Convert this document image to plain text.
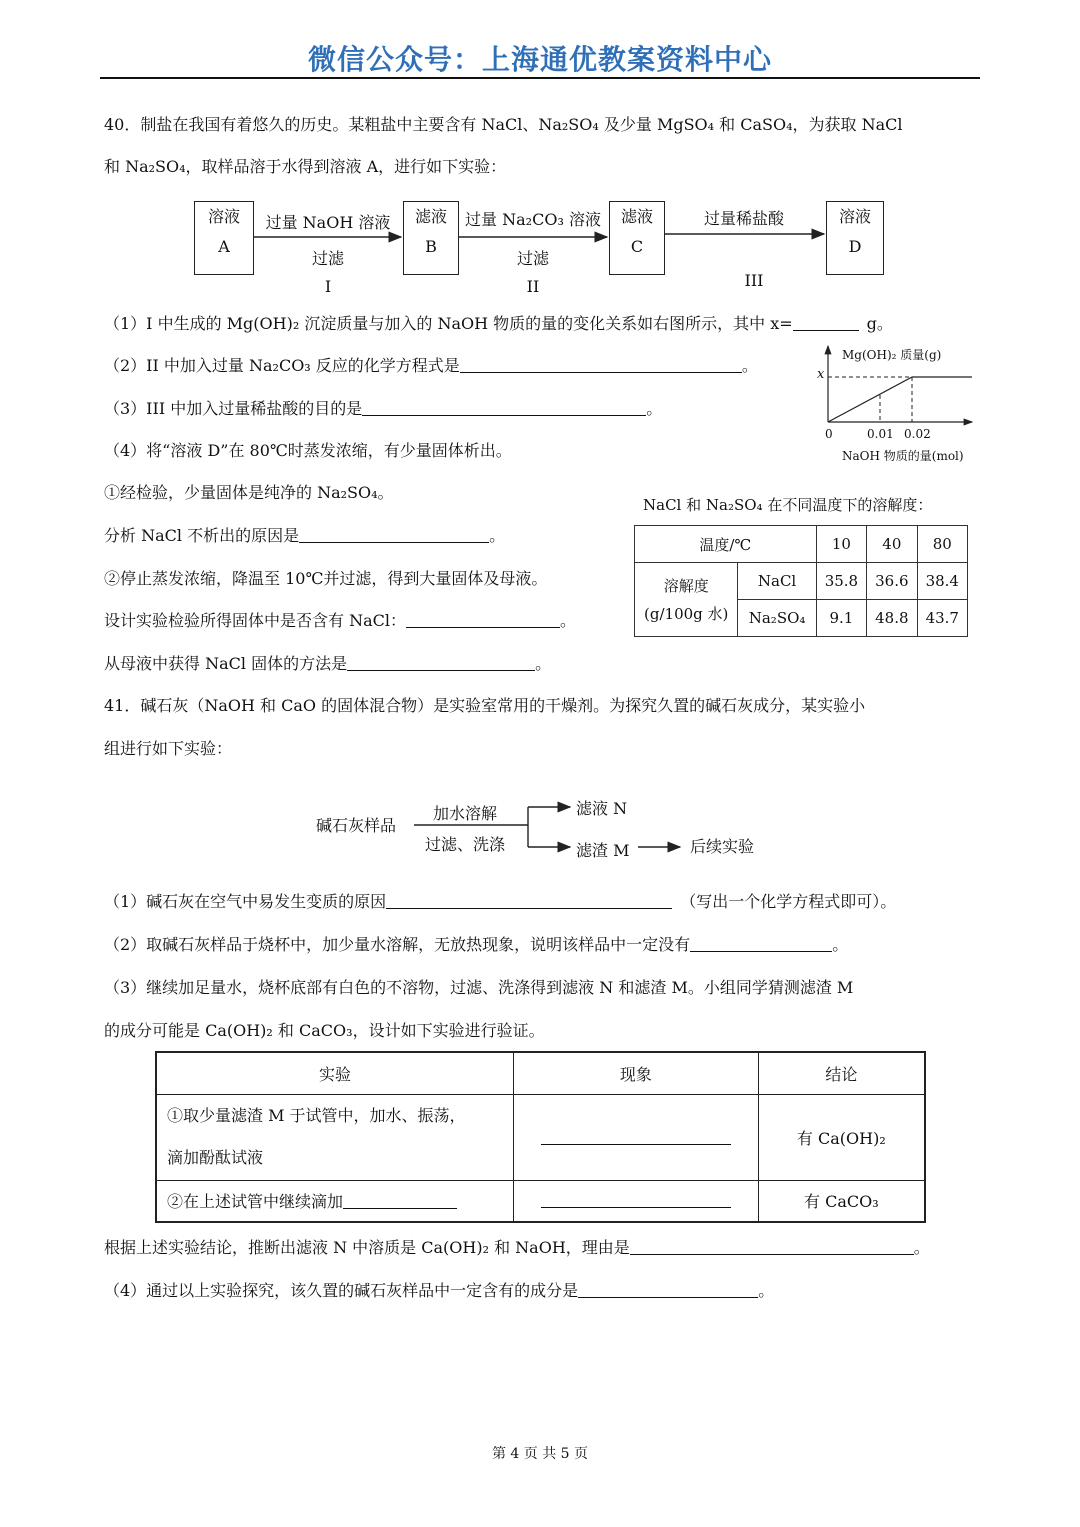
微信公众号：上海通优教案资料中心
40．制盐在我国有着悠久的历史。某粗盐中主要含有 NaCl、Na₂SO₄ 及少量 MgSO₄ 和 CaSO₄，为获取 NaCl
和 Na₂SO₄，取样品溶于水得到溶液 A，进行如下实验：
溶液
A
滤液
B
滤液
C
溶液
D
过量 NaOH 溶液
过滤
I
过量 Na₂CO₃ 溶液
过滤
II
过量稀盐酸
III
（1）I 中生成的 Mg(OH)₂ 沉淀质量与加入的 NaOH 物质的量的变化关系如右图所示，其中 x=	g。
（2）II 中加入过量 Na₂CO₃ 反应的化学方程式是	。
（3）III 中加入过量稀盐酸的目的是	。
（4）将“溶液 D”在 80℃时蒸发浓缩，有少量固体析出。
①经检验，少量固体是纯净的 Na₂SO₄。
分析 NaCl 不析出的原因是	。
②停止蒸发浓缩，降温至 10℃并过滤，得到大量固体及母液。
设计实验检验所得固体中是否含有 NaCl：	。
从母液中获得 NaCl 固体的方法是	。
Mg(OH)₂ 质量(g)
x
0	0.01 0.02
NaOH 物质的量(mol)
NaCl 和 Na₂SO₄ 在不同温度下的溶解度：
温度/℃		10	40	80

溶解度
(g/100g 水)	NaCl	35.8	36.6	38.4
	Na₂SO₄	9.1	48.8	43.7
41．碱石灰（NaOH 和 CaO 的固体混合物）是实验室常用的干燥剂。为探究久置的碱石灰成分，某实验小
组进行如下实验：
碱石灰样品
加水溶解
过滤、洗涤
滤液 N
滤渣 M	后续实验
（1）碱石灰在空气中易发生变质的原因	（写出一个化学方程式即可）。
（2）取碱石灰样品于烧杯中，加少量水溶解，无放热现象，说明该样品中一定没有	。
（3）继续加足量水，烧杯底部有白色的不溶物，过滤、洗涤得到滤液 N 和滤渣 M。小组同学猜测滤渣 M
的成分可能是 Ca(OH)₂ 和 CaCO₃，设计如下实验进行验证。
实验	现象	结论

①取少量滤渣 M 于试管中，加水、振荡，
滴加酚酞试液		有 Ca(OH)₂
②在上述试管中继续滴加		有 CaCO₃
根据上述实验结论，推断出滤液 N 中溶质是 Ca(OH)₂ 和 NaOH，理由是	。
（4）通过以上实验探究，该久置的碱石灰样品中一定含有的成分是	。
第 4 页 共 5 页
